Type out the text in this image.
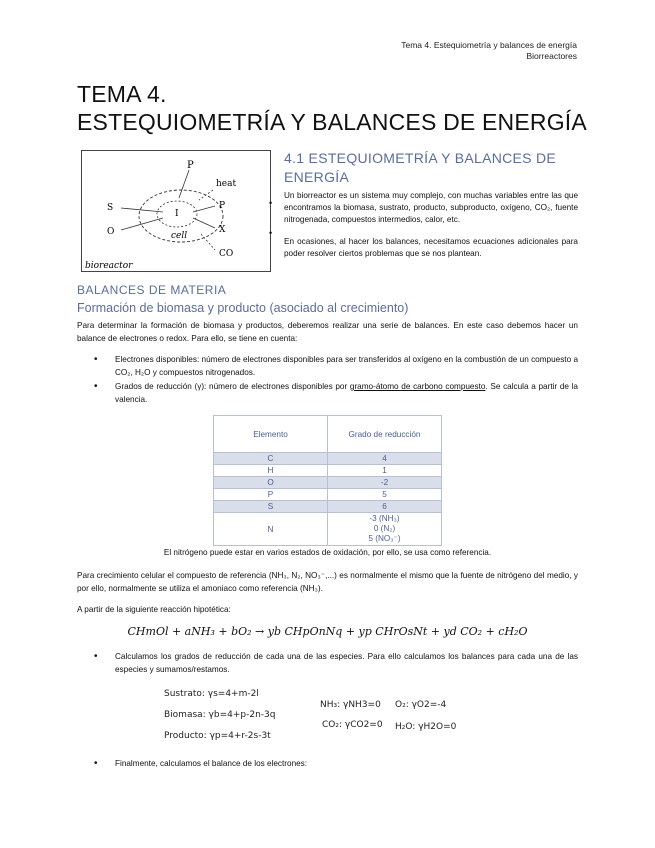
Tema 4. Estequiometría y balances de energía
Biorreactores
TEMA 4.
ESTEQUIOMETRÍA Y BALANCES DE ENERGÍA
P
heat
S	P
O
I
X
cell
CO
bioreactor
4.1 ESTEQUIOMETRÍA Y BALANCES DE ENERGÍA
•
Un biorreactor es un sistema muy complejo, con muchas variables entre las que encontramos la biomasa, sustrato, producto, subproducto, oxígeno, CO₂, fuente nitrogenada, compuestos intermedios, calor, etc.
•
En ocasiones, al hacer los balances, necesitamos ecuaciones adicionales para poder resolver ciertos problemas que se nos plantean.
BALANCES DE MATERIA
Formación de biomasa y producto (asociado al crecimiento)
Para determinar la formación de biomasa y productos, deberemos realizar una serie de balances. En este caso debemos hacer un balance de electrones o redox. Para ello, se tiene en cuenta:
• Electrones disponibles: número de electrones disponibles para ser transferidos al oxígeno en la combustión de un compuesto a CO₂, H₂O y compuestos nitrogenados.
• Grados de reducción (γ): número de electrones disponibles por gramo-átomo de carbono compuesto. Se calcula a partir de la valencia.
Elemento	Grado de reducción
C	4
H	1
O	-2
P	5
S	6
N	-3 (NH₃)
0 (N₂)
5 (NO₃⁻)
El nitrógeno puede estar en varios estados de oxidación, por ello, se usa como referencia.
Para crecimiento celular el compuesto de referencia (NH₃, N₂, NO₃⁻,...) es normalmente el mismo que la fuente de nitrógeno del medio, y por ello, normalmente se utiliza el amoniaco como referencia (NH₃).
A partir de la siguiente reacción hipotética:
CHmOl + aNH₃ + bO₂ → yb CHpOnNq + yp CHrOsNt + yd CO₂ + cH₂O
• Calculamos los grados de reducción de cada una de las especies. Para ello calculamos los balances para cada una de las especies y sumamos/restamos.
Sustrato: γs=4+m-2l
Biomasa: γb=4+p-2n-3q
Producto: γp=4+r-2s-3t
NH₃: γNH3=0
CO₂: γCO2=0
O₂: γO2=-4
H₂O: γH2O=0
• Finalmente, calculamos el balance de los electrones:
